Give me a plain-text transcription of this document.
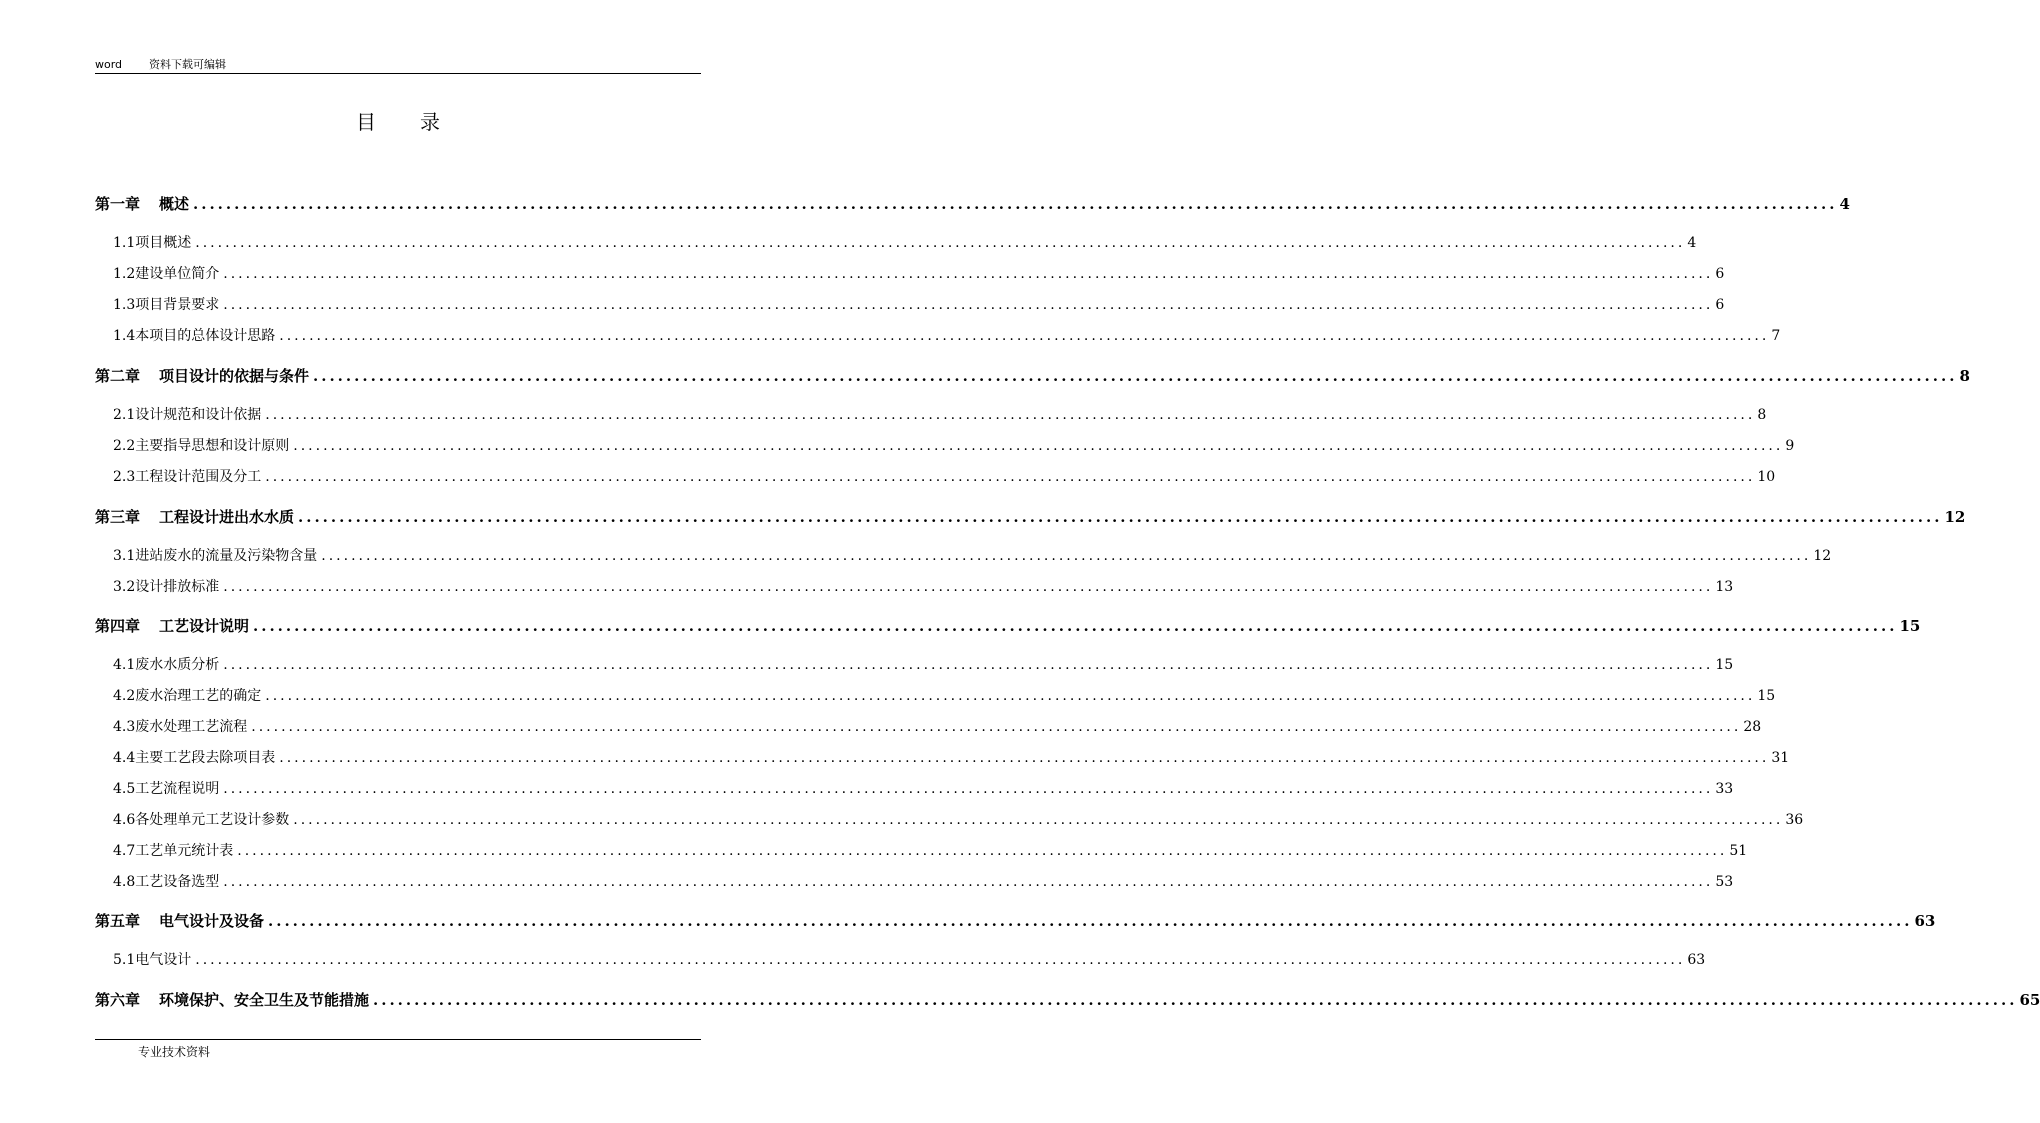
word 资料下载可编辑
目录
第一章 概述 ........................................................................................................................................................................................................ 4
1.1项目概述 ........................................................................................................................................................................................................ 4
1.2建设单位简介 ........................................................................................................................................................................................................ 6
1.3项目背景要求 ........................................................................................................................................................................................................ 6
1.4本项目的总体设计思路 ........................................................................................................................................................................................................ 7
第二章 项目设计的依据与条件 ........................................................................................................................................................................................................ 8
2.1设计规范和设计依据 ........................................................................................................................................................................................................ 8
2.2主要指导思想和设计原则 ........................................................................................................................................................................................................ 9
2.3工程设计范围及分工 ........................................................................................................................................................................................................ 10
第三章 工程设计进出水水质 ........................................................................................................................................................................................................ 12
3.1进站废水的流量及污染物含量 ........................................................................................................................................................................................................ 12
3.2设计排放标准 ........................................................................................................................................................................................................ 13
第四章 工艺设计说明 ........................................................................................................................................................................................................ 15
4.1废水水质分析 ........................................................................................................................................................................................................ 15
4.2废水治理工艺的确定 ........................................................................................................................................................................................................ 15
4.3废水处理工艺流程 ........................................................................................................................................................................................................ 28
4.4主要工艺段去除项目表 ........................................................................................................................................................................................................ 31
4.5工艺流程说明 ........................................................................................................................................................................................................ 33
4.6各处理单元工艺设计参数 ........................................................................................................................................................................................................ 36
4.7工艺单元统计表 ........................................................................................................................................................................................................ 51
4.8工艺设备选型 ........................................................................................................................................................................................................ 53
第五章 电气设计及设备 ........................................................................................................................................................................................................ 63
5.1电气设计 ........................................................................................................................................................................................................ 63
第六章 环境保护、安全卫生及节能措施 ........................................................................................................................................................................................................ 65
专业技术资料
